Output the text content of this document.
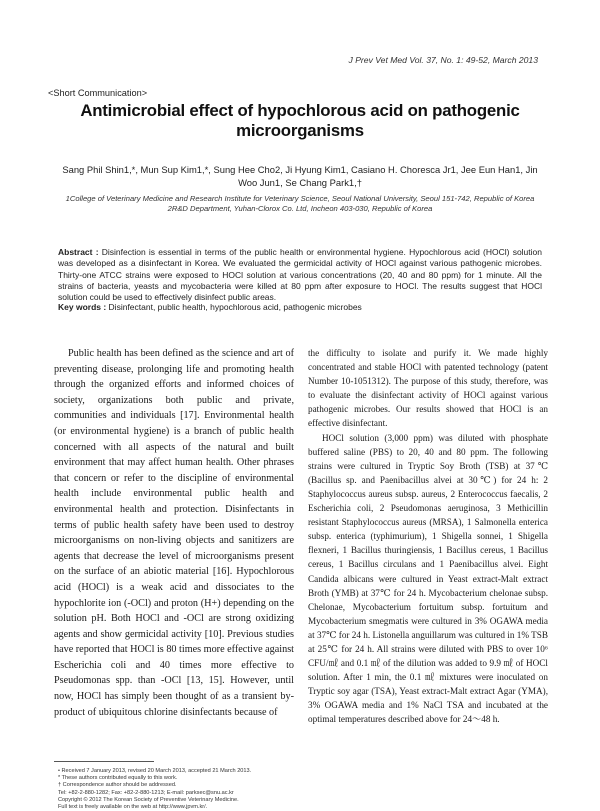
J Prev Vet Med Vol. 37, No. 1: 49-52, March 2013
<Short Communication>
Antimicrobial effect of hypochlorous acid on pathogenic microorganisms
Sang Phil Shin1,*, Mun Sup Kim1,*, Sung Hee Cho2, Ji Hyung Kim1, Casiano H. Choresca Jr1, Jee Eun Han1, Jin Woo Jun1, Se Chang Park1,†
1College of Veterinary Medicine and Research Institute for Veterinary Science, Seoul National University, Seoul 151-742, Republic of Korea
2R&D Department, Yuhan-Clorox Co. Ltd, Incheon 403-030, Republic of Korea
Abstract : Disinfection is essential in terms of the public health or environmental hygiene. Hypochlorous acid (HOCl) solution was developed as a disinfectant in Korea. We evaluated the germicidal activity of HOCl against various pathogenic microbes. Thirty-one ATCC strains were exposed to HOCl solution at various concentrations (20, 40 and 80 ppm) for 1 minute. All the strains of bacteria, yeasts and mycobacteria were killed at 80 ppm after exposure to HOCl. The results suggest that HOCl solution could be used to effectively disinfect public areas.
Key words : Disinfectant, public health, hypochlorous acid, pathogenic microbes

Public health has been defined as the science and art of preventing disease, prolonging life and promoting health through the organized efforts and informed choices of society, organizations both public and private, communities and individuals [17]. Environmental health (or environmental hygiene) is a branch of public health concerned with all aspects of the natural and built environment that may affect human health. Other phrases that concern or refer to the discipline of environmental health include environmental public health and environmental health and protection. Disinfectants in terms of public health safety have been used to destroy microorganisms on non-living objects and sanitizers are agents that decrease the level of microorganisms present on the surface of an abiotic material [16]. Hypochlorous acid (HOCl) is a weak acid and dissociates to the hypochlorite ion (-OCl) and proton (H+) depending on the solution pH. Both HOCl and -OCl are strong oxidizing agents and show germicidal activity [10]. Previous studies have reported that HOCl is 80 times more effective against Escherichia coli and 40 times more effective to Pseudomonas spp. than -OCl [13, 15]. However, until now, HOCl has simply been thought of as a transient by-product of ubiquitous chlorine disinfectants because of

the difficulty to isolate and purify it. We made highly concentrated and stable HOCl with patented technology (patent Number 10-1051312). The purpose of this study, therefore, was to evaluate the disinfectant activity of HOCl against various pathogenic microbes. Our results showed that HOCl is an effective disinfectant.

HOCl solution (3,000 ppm) was diluted with phosphate buffered saline (PBS) to 20, 40 and 80 ppm. The following strains were cultured in Tryptic Soy Broth (TSB) at 37℃ (Bacillus sp. and Paenibacillus alvei at 30℃) for 24 h: 2 Staphylococcus aureus subsp. aureus, 2 Enterococcus faecalis, 2 Escherichia coli, 2 Pseudomonas aeruginosa, 3 Methicillin resistant Staphylococcus aureus (MRSA), 1 Salmonella enterica subsp. enterica (typhimurium), 1 Shigella sonnei, 1 Shigella flexneri, 1 Bacillus thuringiensis, 1 Bacillus cereus, 1 Bacillus cereus, 1 Bacillus circulans and 1 Paenibacillus alvei. Eight Candida albicans were cultured in Yeast extract-Malt extract Broth (YMB) at 37℃ for 24 h. Mycobacterium chelonae subsp. Chelonae, Mycobacterium fortuitum subsp. fortuitum and Mycobacterium smegmatis were cultured in 3% OGAWA media at 37℃ for 24 h. Listonella anguillarum was cultured in 1% TSB at 25℃ for 24 h. All strains were diluted with PBS to over 10⁶ CFU/㎖ and 0.1 ㎖ of the dilution was added to 9.9 ㎖ of HOCl solution. After 1 min, the 0.1 ㎖ mixtures were inoculated on Tryptic soy agar (TSA), Yeast extract-Malt extract Agar (YMA), 3% OGAWA media and 1% NaCl TSA and incubated at the optimal temperatures described above for 24～48 h.

• Received 7 January 2013, revised 20 March 2013, accepted 21 March 2013.
* These authors contributed equally to this work.
† Correspondence author should be addressed.
Tel: +82-2-880-1282; Fax: +82-2-880-1213; E-mail: parksec@snu.ac.kr
Copyright © 2012 The Korean Society of Preventive Veterinary Medicine.
Full text is freely available on the web at http://www.jpvm.kr/.
